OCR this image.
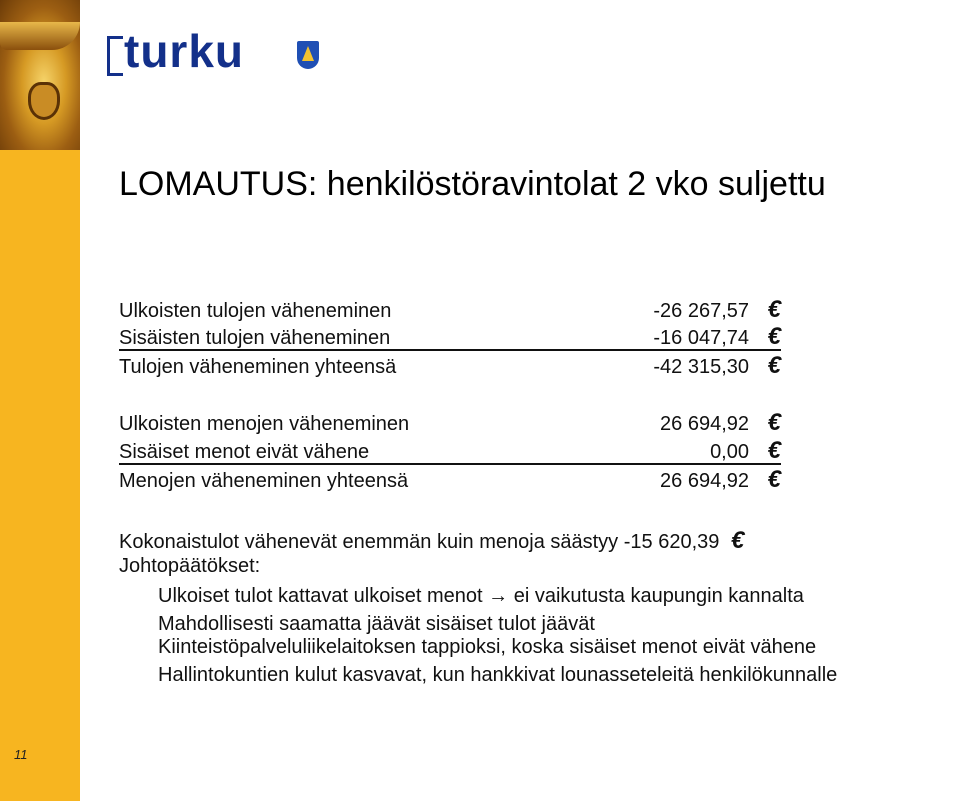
11
turku
LOMAUTUS: henkilöstöravintolat 2 vko suljettu
Ulkoisten tulojen väheneminen	-26 267,57 €
Sisäisten tulojen väheneminen	-16 047,74 €
Tulojen väheneminen yhteensä	-42 315,30 €
Ulkoisten menojen väheneminen	26 694,92 €
Sisäiset menot eivät vähene	0,00 €
Menojen väheneminen yhteensä	26 694,92 €
Kokonaistulot vähenevät enemmän kuin menoja säästyy -15 620,39 €
Johtopäätökset:
Ulkoiset tulot kattavat ulkoiset menot → ei vaikutusta kaupungin kannalta
Mahdollisesti saamatta jäävät sisäiset tulot jäävät
Kiinteistöpalveluliikelaitoksen tappioksi, koska sisäiset menot eivät vähene
Hallintokuntien kulut kasvavat, kun hankkivat lounasseteleitä henkilökunnalle
